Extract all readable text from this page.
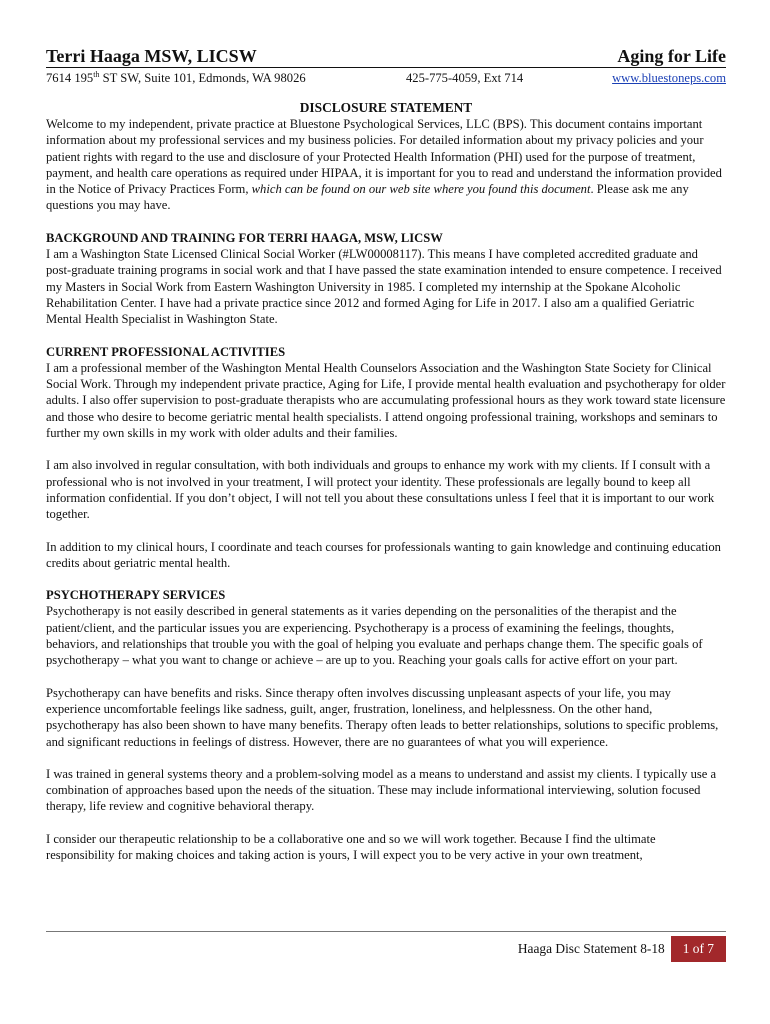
Terri Haaga MSW, LICSW	Aging for Life
7614 195th ST SW, Suite 101, Edmonds, WA 98026	425-775-4059, Ext 714	www.bluestoneps.com
DISCLOSURE STATEMENT

Welcome to my independent, private practice at Bluestone Psychological Services, LLC (BPS). This document contains important information about my professional services and my business policies. For detailed information about my privacy policies and your patient rights with regard to the use and disclosure of your Protected Health Information (PHI) used for the purpose of treatment, payment, and health care operations as required under HIPAA, it is important for you to read and understand the information provided in the Notice of Privacy Practices Form, which can be found on our web site where you found this document. Please ask me any questions you may have.

BACKGROUND AND TRAINING FOR TERRI HAAGA, MSW, LICSW

I am a Washington State Licensed Clinical Social Worker (#LW00008117). This means I have completed accredited graduate and post-graduate training programs in social work and that I have passed the state examination intended to ensure competence. I received my Masters in Social Work from Eastern Washington University in 1985. I completed my internship at the Spokane Alcoholic Rehabilitation Center. I have had a private practice since 2012 and formed Aging for Life in 2017. I also am a qualified Geriatric Mental Health Specialist in Washington State.

CURRENT PROFESSIONAL ACTIVITIES

I am a professional member of the Washington Mental Health Counselors Association and the Washington State Society for Clinical Social Work. Through my independent private practice, Aging for Life, I provide mental health evaluation and psychotherapy for older adults. I also offer supervision to post-graduate therapists who are accumulating professional hours as they work toward state licensure and those who desire to become geriatric mental health specialists. I attend ongoing professional training, workshops and seminars to further my own skills in my work with older adults and their families.

I am also involved in regular consultation, with both individuals and groups to enhance my work with my clients. If I consult with a professional who is not involved in your treatment, I will protect your identity. These professionals are legally bound to keep all information confidential. If you don’t object, I will not tell you about these consultations unless I feel that it is important to our work together.

In addition to my clinical hours, I coordinate and teach courses for professionals wanting to gain knowledge and continuing education credits about geriatric mental health.

PSYCHOTHERAPY SERVICES

Psychotherapy is not easily described in general statements as it varies depending on the personalities of the therapist and the patient/client, and the particular issues you are experiencing. Psychotherapy is a process of examining the feelings, thoughts, behaviors, and relationships that trouble you with the goal of helping you evaluate and perhaps change them. The specific goals of psychotherapy – what you want to change or achieve – are up to you. Reaching your goals calls for active effort on your part.

Psychotherapy can have benefits and risks. Since therapy often involves discussing unpleasant aspects of your life, you may experience uncomfortable feelings like sadness, guilt, anger, frustration, loneliness, and helplessness. On the other hand, psychotherapy has also been shown to have many benefits. Therapy often leads to better relationships, solutions to specific problems, and significant reductions in feelings of distress. However, there are no guarantees of what you will experience.

I was trained in general systems theory and a problem-solving model as a means to understand and assist my clients. I typically use a combination of approaches based upon the needs of the situation. These may include informational interviewing, solution focused therapy, life review and cognitive behavioral therapy.

I consider our therapeutic relationship to be a collaborative one and so we will work together. Because I find the ultimate responsibility for making choices and taking action is yours, I will expect you to be very active in your own treatment,

Haaga Disc Statement 8-18	1 of 7
